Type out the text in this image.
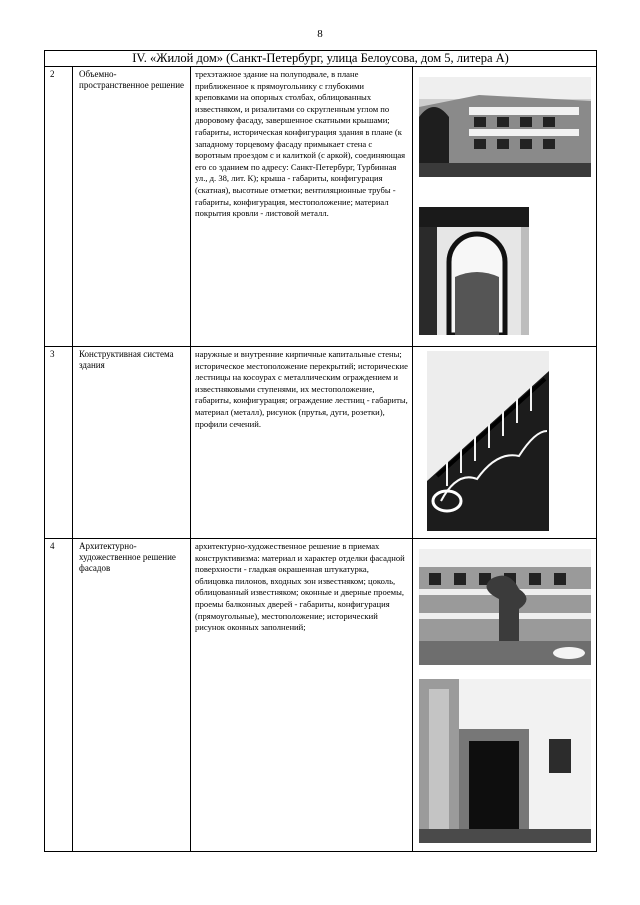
8
IV. «Жилой дом» (Санкт-Петербург, улица Белоусова, дом 5, литера А)			
2	Объемно-пространственное решение	трехэтажное здание на полуподвале, в плане приближенное к прямоугольнику с глубокими креповками на опорных столбах, облицованных известняком, и ризалитами со скругленным углом по дворовому фасаду, завершенное скатными крышами; габариты, историческая конфигурация здания в плане (к западному торцевому фасаду примыкает стена с воротным проездом с и калиткой (с аркой), соединяющая его со зданием по адресу: Санкт-Петербург, Турбинная ул., д. 38, лит. К); крыша - габариты, конфигурация (скатная), высотные отметки; вентиляционные трубы - габариты, конфигурация, местоположение; материал покрытия кровли - листовой металл.	

3	Конструктивная система здания	наружные и внутренние кирпичные капитальные стены; историческое местоположение перекрытий; исторические лестницы на косоурах с металлическим ограждением и известняковыми ступенями, их местоположение, габариты, конфигурация; ограждение лестниц - габариты, материал (металл), рисунок (прутья, дуги, розетки), профили сечений.	

4	Архитектурно-художественное решение фасадов	архитектурно-художественное решение в приемах конструктивизма: материал и характер отделки фасадной поверхности - гладкая окрашенная штукатурка, облицовка пилонов, входных зон известняком; цоколь, облицованный известняком; оконные и дверные проемы, проемы балконных дверей - габариты, конфигурация (прямоугольные), местоположение; исторический рисунок оконных заполнений;	
